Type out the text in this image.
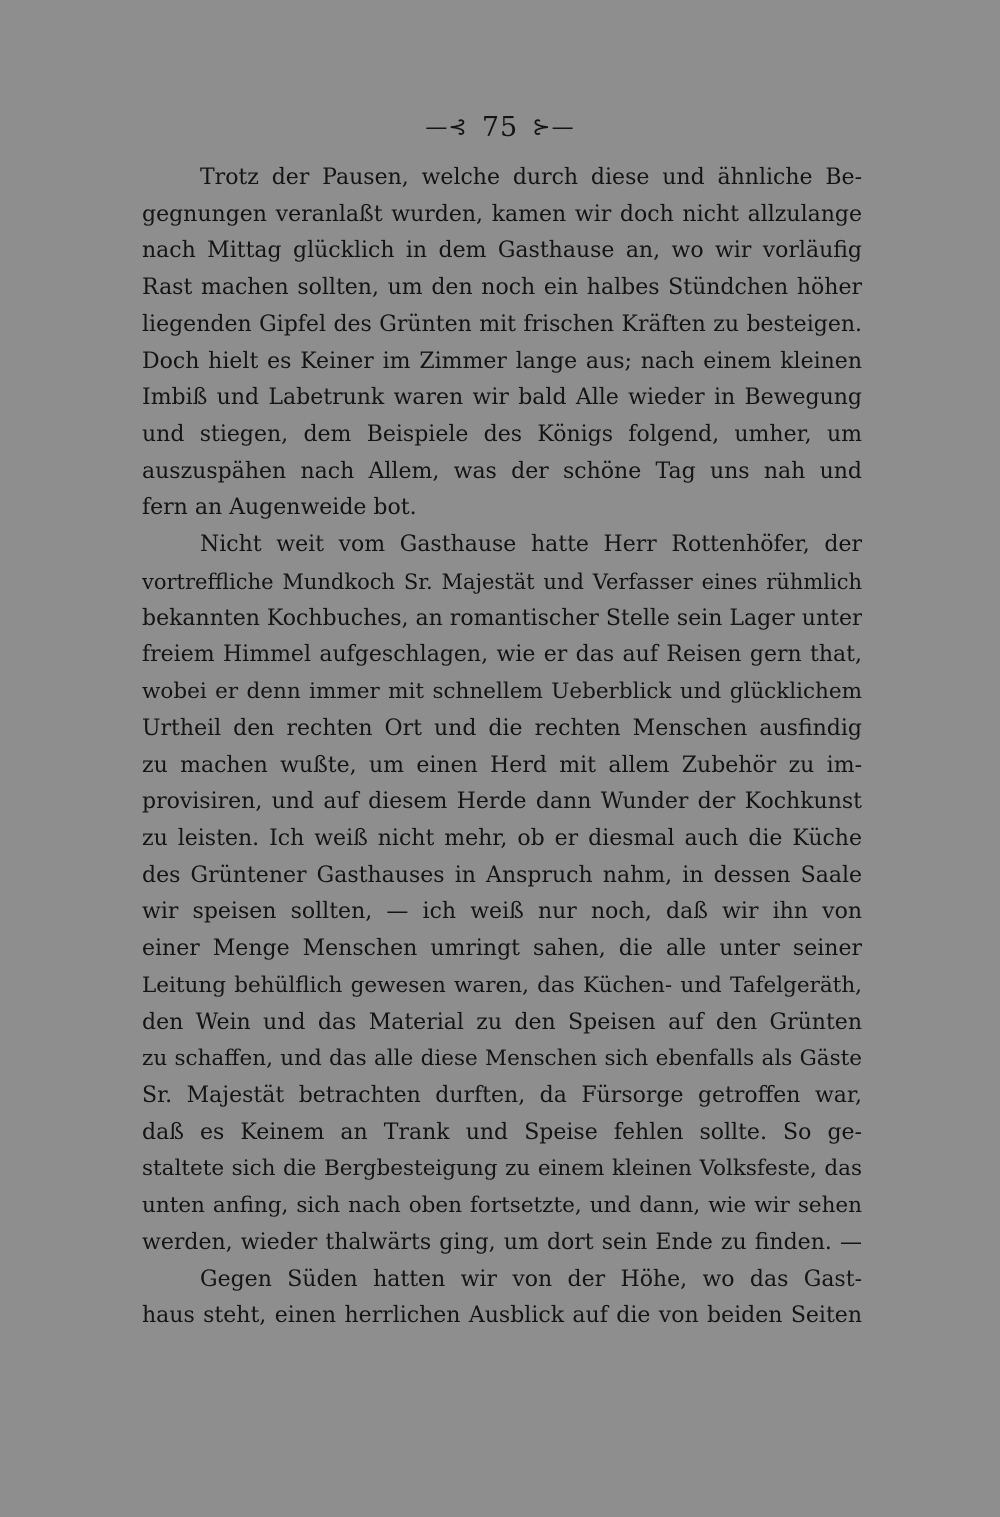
—⊰ 75 ⊱—
Trotz der Pausen, welche durch diese und ähnliche Be-
gegnungen veranlaßt wurden, kamen wir doch nicht allzulange
nach Mittag glücklich in dem Gasthause an, wo wir vorläufig
Rast machen sollten, um den noch ein halbes Stündchen höher
liegenden Gipfel des Grünten mit frischen Kräften zu besteigen.
Doch hielt es Keiner im Zimmer lange aus; nach einem kleinen
Imbiß und Labetrunk waren wir bald Alle wieder in Bewegung
und stiegen, dem Beispiele des Königs folgend, umher, um
auszuspähen nach Allem, was der schöne Tag uns nah und
fern an Augenweide bot.
Nicht weit vom Gasthause hatte Herr Rottenhöfer, der
vortreffliche Mundkoch Sr. Majestät und Verfasser eines rühmlich
bekannten Kochbuches, an romantischer Stelle sein Lager unter
freiem Himmel aufgeschlagen, wie er das auf Reisen gern that,
wobei er denn immer mit schnellem Ueberblick und glücklichem
Urtheil den rechten Ort und die rechten Menschen ausfindig
zu machen wußte, um einen Herd mit allem Zubehör zu im-
provisiren, und auf diesem Herde dann Wunder der Kochkunst
zu leisten. Ich weiß nicht mehr, ob er diesmal auch die Küche
des Grüntener Gasthauses in Anspruch nahm, in dessen Saale
wir speisen sollten, — ich weiß nur noch, daß wir ihn von
einer Menge Menschen umringt sahen, die alle unter seiner
Leitung behülflich gewesen waren, das Küchen- und Tafelgeräth,
den Wein und das Material zu den Speisen auf den Grünten
zu schaffen, und das alle diese Menschen sich ebenfalls als Gäste
Sr. Majestät betrachten durften, da Fürsorge getroffen war,
daß es Keinem an Trank und Speise fehlen sollte. So ge-
staltete sich die Bergbesteigung zu einem kleinen Volksfeste, das
unten anfing, sich nach oben fortsetzte, und dann, wie wir sehen
werden, wieder thalwärts ging, um dort sein Ende zu finden. —
Gegen Süden hatten wir von der Höhe, wo das Gast-
haus steht, einen herrlichen Ausblick auf die von beiden Seiten
